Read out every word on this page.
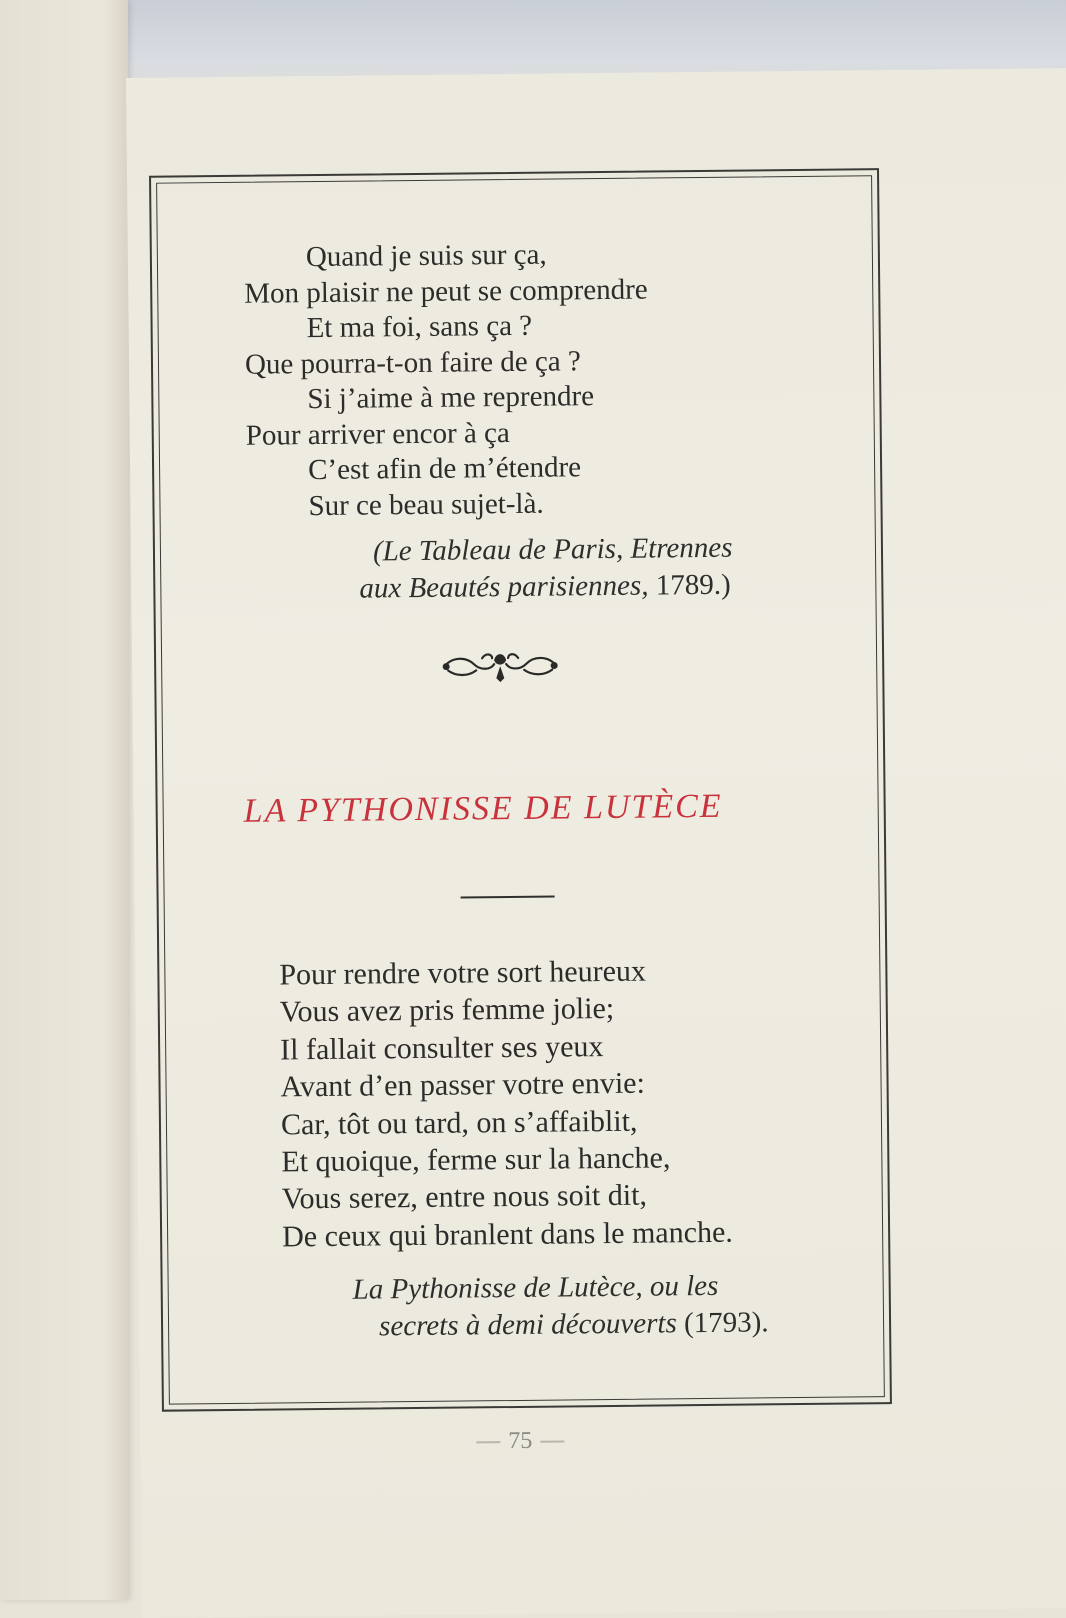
Quand je suis sur ça,
Mon plaisir ne peut se comprendre
Et ma foi, sans ça ?
Que pourra-t-on faire de ça ?
Si j’aime à me reprendre
Pour arriver encor à ça
C’est afin de m’étendre
Sur ce beau sujet-là.
(Le Tableau de Paris, Etrennes
aux Beautés parisiennes, 1789.)
LA PYTHONISSE DE LUTÈCE
Pour rendre votre sort heureux
Vous avez pris femme jolie;
Il fallait consulter ses yeux
Avant d’en passer votre envie:
Car, tôt ou tard, on s’affaiblit,
Et quoique, ferme sur la hanche,
Vous serez, entre nous soit dit,
De ceux qui branlent dans le manche.
La Pythonisse de Lutèce, ou les
secrets à demi découverts (1793).
75
